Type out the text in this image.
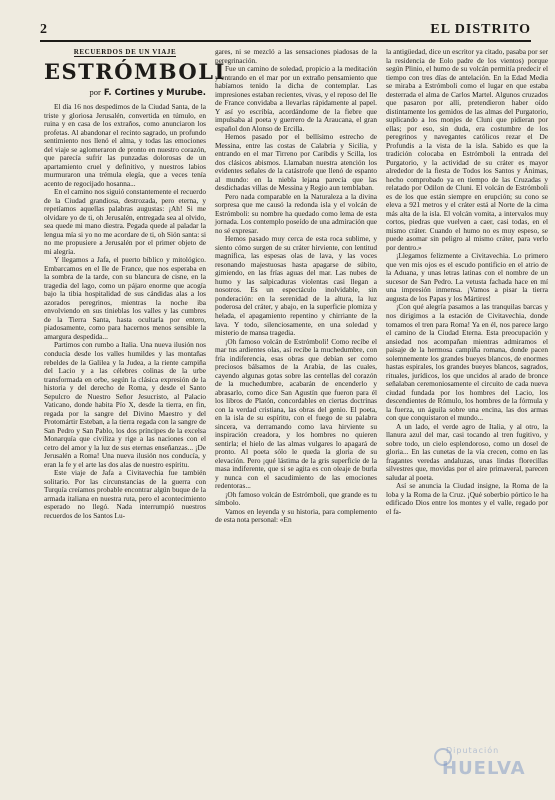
2	EL DISTRITO
RECUERDOS DE UN VIAJE
ESTRÓMBOLI
por F. Cortines y Murube.

El día 16 nos despedimos de la Ciudad Santa, de la triste y gloriosa Jerusalén, convertida en túmulo, en ruina y en casa de los extraños, como anunciaron los profetas. Al abandonar el recinto sagrado, un profundo sentimiento nos llenó el alma, y todas las emociones del viaje se aglomeraron de pronto en nuestro corazón, que parecía sufrir las punzadas dolorosas de un apartamiento cruel y definitivo, y nuestros labios murmuraron una trémula elegía, que a veces tenía acento de regocijado hosanna...

En el camino nos siguió constantemente el recuerdo de la Ciudad grandiosa, destrozada, pero eterna, y repetíamos aquellas palabras augustas: ¡Ah! Si me olvidare yo de ti, oh Jerusalén, entregada sea al olvido, sea quede mi mano diestra. Pegada quede al paladar la lengua mía si yo no me acordare de ti, oh Sión santa: si no me propusiere a Jerusalén por el primer objeto de mi alegría.

Y llegamos a Jafa, el puerto bíblico y mitológico. Embarcamos en el Ile de France, que nos esperaba en la sombra de la tarde, con su blancura de cisne, en la tragedia del lago, como un pájaro enorme que acogía bajo la tibia hospitalidad de sus cándidas alas a los azorados peregrinos, mientras la noche iba envolviendo en sus tinieblas los valles y las cumbres de la Tierra Santa, hasta ocultarla por entero, piadosamente, como para hacernos menos sensible la amargura despedida...

Partimos con rumbo a Italia. Una nueva ilusión nos conducía desde los valles humildes y las montañas rebeldes de la Galilea y la Judea, a la riente campiña del Lacio y a las célebres colinas de la urbe transformada en orbe, según la clásica expresión de la historia y del derecho de Roma, y desde el Santo Sepulcro de Nuestro Señor Jesucristo, al Palacio Vaticano, donde habita Pío X, desde la tierra, en fin, regada por la sangre del Divino Maestro y del Protomártir Esteban, a la tierra regada con la sangre de San Pedro y San Pablo, los dos príncipes de la excelsa Monarquía que civiliza y rige a las naciones con el cetro del amor y la luz de sus eternas enseñanzas... ¡De Jerusalén a Roma! Una nueva ilusión nos conducía, y eran la fe y el arte las dos alas de nuestro espíritu.

Este viaje de Jafa a Civitavechia fue también solitario. Por las circunstancias de la guerra con Turquía creíamos probable encontrar algún buque de la armada italiana en nuestra ruta, pero el acontecimiento esperado no llegó. Nada interrumpió nuestros recuerdos de los Santos Lu-

gares, ni se mezcló a las sensaciones piadosas de la peregrinación.

Fue un camino de soledad, propicio a la meditación y entrando en el mar por un extraño pensamiento que habíamos tenido la dicha de contemplar. Las impresiones estaban recientes, vivas, y el reposo del Ile de France convidaba a llevarlas rápidamente al papel. Y así yo escribía, acordándome de la fiebre que impulsaba al poeta y guerrero de la Araucana, el gran español don Alonso de Ercilla.

Hemos pasado por el bellísimo estrecho de Messina, entre las costas de Calabria y Sicilia, y entrando en el mar Tirreno por Caribdis y Scilla, los dos clásicos abismos. Llamaban nuestra atención los evidentes señales de la catástrofe que llenó de espanto al mundo: en la niebla lejana parecía que las desdichadas villas de Messina y Regio aun temblaban.

Pero nada comparable en la Naturaleza a la divina sorpresa que me causó la redonda isla y el volcán de Estrómboli: su nombre ha quedado como lema de esta jornada. Los contemplo poseído de una admiración que no sé expresar.

Hemos pasado muy cerca de esta roca sublime, y siento cómo surgen de su cráter hirviente, con lentitud magnífica, las espesas olas de lava, y las voces resonando majestuosas hasta apagarse de súbito, gimiendo, en las frías aguas del mar. Las nubes de humo y las salpicaduras violentas casi llegan a nosotros. Es un espectáculo inolvidable, sin ponderación: en la serenidad de la altura, la luz poderosa del cráter, y abajo, en la superficie plomiza y helada, el apagamiento repentino y chirriante de la lava. Y todo, silenciosamente, en una soledad y misterio de mansa tragedia.

¡Oh famoso volcán de Estrómboli! Como recibe el mar tus ardientes olas, así recibe la muchedumbre, con fría indiferencia, esas obras que debían ser como preciosos bálsamos de la Arabia, de las cuales, cayendo algunas gotas sobre las centellas del corazón de la muchedumbre, acabarán de encenderlo y abrasarlo, como dice San Agustín que fueron para él los libros de Platón, concordables en ciertas doctrinas con la verdad cristiana, las obras del genio. El poeta, en la isla de su espíritu, con el fuego de su palabra sincera, va derramando como lava hirviente su inspiración creadora, y los hombres no quieren sentirla; el hielo de las almas vulgares lo apagará de pronto. Al poeta sólo le queda la gloria de su elevación. Pero ¡qué lástima de la gris superficie de la masa indiferente, que si se agita es con oleaje de burla y nunca con el sacudimiento de las emociones redentoras...

¡Oh famoso volcán de Estrómboli, que grande es tu símbolo.

Vamos en leyenda y su historia, para complemento de esta nota personal: «En

la antigüedad, dice un escritor ya citado, pasaba por ser la residencia de Eolo padre de los vientos) porque según Plinio, el humo de su volcán permitía predecir el tiempo con tres días de antelación. En la Edad Media se miraba a Estrómboli como el lugar en que estaba desterrada el alma de Carlos Martel. Algunos cruzados que pasaron por allí, pretendieron haber oído distintamente los gemidos de las almas del Purgatorio, suplicando a los monjes de Cluni que pidieran por ellas; por eso, sin duda, era costumbre de los peregrinos y navegantes católicos rezar el De Profundis a la vista de la isla. Sabido es que la tradición colocaba en Estrómboli la entrada del Purgatorio, y la actividad de su cráter es mayor alrededor de la fiesta de Todos los Santos y Ánimas, hecho comprobado ya en tiempo de las Cruzadas y relatado por Odilon de Cluni. El volcán de Estrómboli es de los que están siempre en erupción; su cono se eleva a 921 metros y el cráter está al Norte de la cima más alta de la isla. El volcán vomita, a intervalos muy cortos, piedras que vuelven a caer, casi todas, en el mismo cráter. Cuando el humo no es muy espeso, se puede asomar sin peligro al mismo cráter, para verlo por dentro.»

¡Llegamos felizmente a Civitavechia. Lo primero que ven mis ojos es el escudo pontificio en el atrio de la Aduana, y unas letras latinas con el nombre de un sucesor de San Pedro. La vetusta fachada hace en mí una impresión inmensa. ¡Vamos a pisar la tierra augusta de los Papas y los Mártires!

¡Con qué alegría pasamos a las tranquilas barcas y nos dirigimos a la estación de Civitavechia, donde tomamos el tren para Roma! Ya en él, nos parece largo el camino de la Ciudad Eterna. Esta preocupación y ansiedad nos acompañan mientras admiramos el paisaje de la hermosa campiña romana, donde pacen solemnemente los grandes bueyes blancos, de enormes hastas espirales, los grandes bueyes blancos, sagrados, rituales, jurídicos, los que uncidos al arado de bronce señalaban ceremoniosamente el circuito de cada nueva ciudad fundada por los hombres del Lacio, los descendientes de Rómulo, los hombres de la fórmula y la fuerza, un águila sobre una encina, las dos armas con que conquistaron el mundo...

A un lado, el verde agro de Italia, y al otro, la llanura azul del mar, casi tocando al tren fugitivo, y sobre todo, un cielo esplendoroso, como un dosel de gloria... En las cunetas de la vía crecen, como en las fragantes veredas andaluzas, unas lindas florecillas silvestres que, movidas por el aire primaveral, parecen saludar al poeta.

Así se anuncia la Ciudad insigne, la Roma de la loba y la Roma de la Cruz. ¡Qué soberbio pórtico le ha edificado Dios entre los montes y el valle, regado por el fa-

Diputación
HUELVA
